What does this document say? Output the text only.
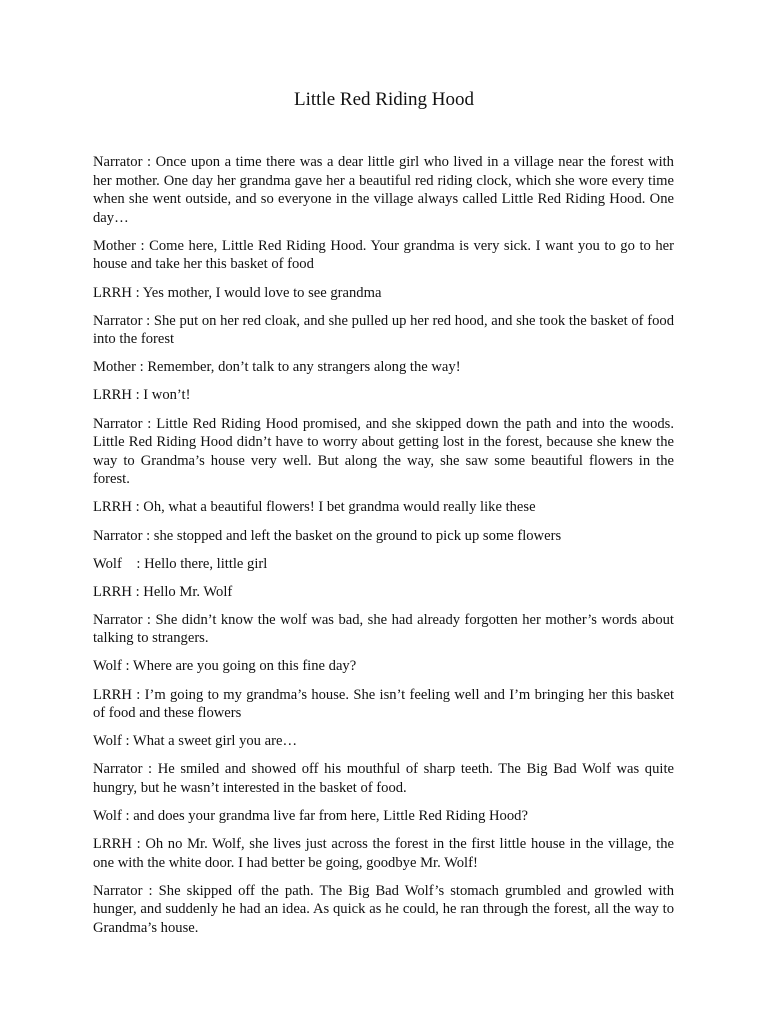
Little Red Riding Hood

Narrator : Once upon a time there was a dear little girl who lived in a village near the forest with her mother. One day her grandma gave her a beautiful red riding clock, which she wore every time when she went outside, and so everyone in the village always called Little Red Riding Hood. One day…

Mother : Come here, Little Red Riding Hood. Your grandma is very sick. I want you to go to her house and take her this basket of food

LRRH : Yes mother, I would love to see grandma

Narrator : She put on her red cloak, and she pulled up her red hood, and she took the basket of food into the forest

Mother : Remember, don’t talk to any strangers along the way!

LRRH : I won’t!

Narrator : Little Red Riding Hood promised, and she skipped down the path and into the woods. Little Red Riding Hood didn’t have to worry about getting lost in the forest, because she knew the way to Grandma’s house very well. But along the way, she saw some beautiful flowers in the forest.

LRRH : Oh, what a beautiful flowers! I bet grandma would really like these

Narrator : she stopped and left the basket on the ground to pick up some flowers

Wolf    : Hello there, little girl

LRRH : Hello Mr. Wolf

Narrator : She didn’t know the wolf was bad, she had already forgotten her mother’s words about talking to strangers.

Wolf : Where are you going on this fine day?

LRRH : I’m going to my grandma’s house. She isn’t feeling well and I’m bringing her this basket of food and these flowers

Wolf : What a sweet girl you are…

Narrator : He smiled and showed off his mouthful of sharp teeth. The Big Bad Wolf was quite hungry, but he wasn’t interested in the basket of food.

Wolf : and does your grandma live far from here, Little Red Riding Hood?

LRRH : Oh no Mr. Wolf, she lives just across the forest in the first little house in the village, the one with the white door. I had better be going, goodbye Mr. Wolf!

Narrator : She skipped off the path. The Big Bad Wolf’s stomach grumbled and growled with hunger, and suddenly he had an idea. As quick as he could, he ran through the forest, all the way to Grandma’s house.
